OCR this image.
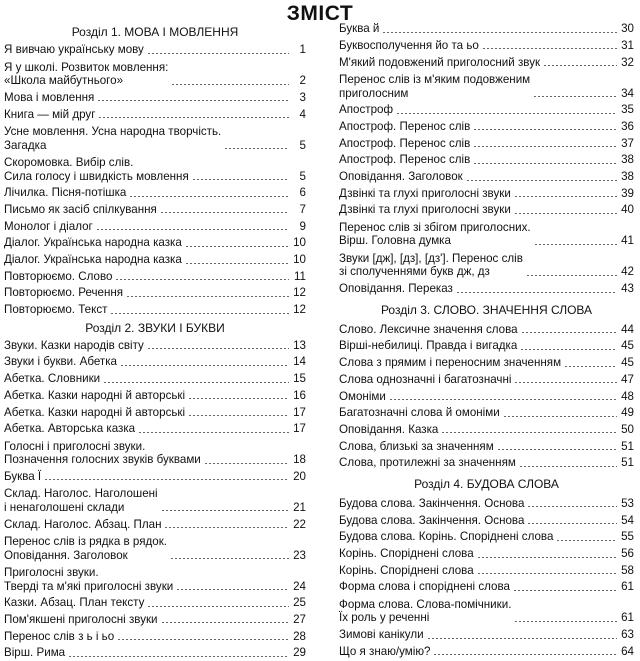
ЗМІСТ
Розділ 1. МОВА І МОВЛЕННЯ
Я вивчаю українську мову	1
Я у школі. Розвиток мовлення:
«Школа майбутнього»	2
Мова і мовлення	3
Книга — мій друг	4
Усне мовлення. Усна народна творчість.
Загадка	5
Скоромовка. Вибір слів.
Сила голосу і швидкість мовлення	5
Лічилка. Пісня-потішка	6
Письмо як засіб спілкування	7
Монолог і діалог	9
Діалог. Українська народна казка	10
Діалог. Українська народна казка	10
Повторюємо. Слово	11
Повторюємо. Речення	12
Повторюємо. Текст	12
Розділ 2. ЗВУКИ І БУКВИ
Звуки. Казки народів світу	13
Звуки і букви. Абетка	14
Абетка. Словники	15
Абетка. Казки народні й авторські	16
Абетка. Казки народні й авторські	17
Абетка. Авторська казка	17
Голосні і приголосні звуки.
Позначення голосних звуків буквами	18
Буква Ї	20
Склад. Наголос. Наголошені
і ненаголошені склади	21
Склад. Наголос. Абзац. План	22
Перенос слів із рядка в рядок.
Оповідання. Заголовок	23
Приголосні звуки.
Тверді та м'які приголосні звуки	24
Казки. Абзац. План тексту	25
Пом'якшені приголосні звуки	27
Перенос слів з ь і ьо	28
Вірш. Рима	29
Буква й	30
Буквосполучення йо та ьо	31
М'який подовжений приголосний звук	32
Перенос слів із м'яким подовженим
приголосним	34
Апостроф	35
Апостроф. Перенос слів	36
Апостроф. Перенос слів	37
Апостроф. Перенос слів	38
Оповідання. Заголовок	38
Дзвінкі та глухі приголосні звуки	39
Дзвінкі та глухі приголосні звуки	40
Перенос слів зі збігом приголосних.
Вірш. Головна думка	41
Звуки [дж], [дз], [дз']. Перенос слів
зі сполученнями букв дж, дз	42
Оповідання. Переказ	43
Розділ 3. СЛОВО. ЗНАЧЕННЯ СЛОВА
Слово. Лексичне значення слова	44
Вірші-небилиці. Правда і вигадка	45
Слова з прямим і переносним значенням	45
Слова однозначні і багатозначні	47
Омоніми	48
Багатозначні слова й омоніми	49
Оповідання. Казка	50
Слова, близькі за значенням	51
Слова, протилежні за значенням	51
Розділ 4. БУДОВА СЛОВА
Будова слова. Закінчення. Основа	53
Будова слова. Закінчення. Основа	54
Будова слова. Корінь. Споріднені слова	55
Корінь. Споріднені слова	56
Корінь. Споріднені слова	58
Форма слова і споріднені слова	61
Форма слова. Слова-помічники.
Їх роль у реченні	61
Зимові канікули	63
Що я знаю/умію?	64
